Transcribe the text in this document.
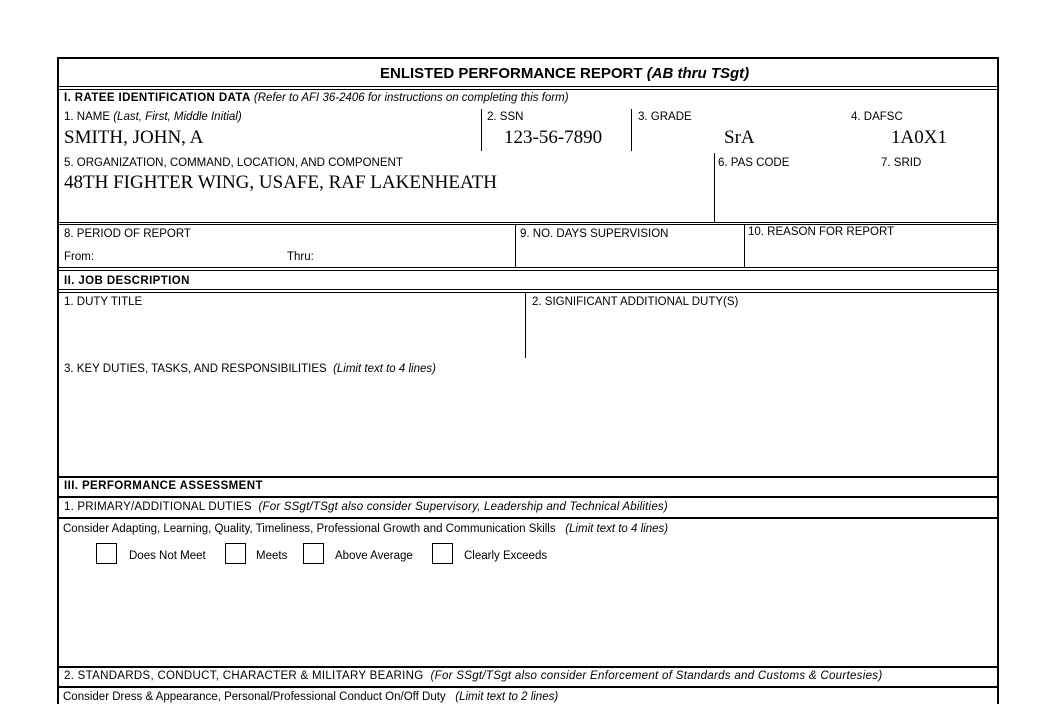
ENLISTED PERFORMANCE REPORT (AB thru TSgt)
I. RATEE IDENTIFICATION DATA (Refer to AFI 36-2406 for instructions on completing this form)
1. NAME (Last, First, Middle Initial)
SMITH, JOHN, A
2. SSN
123-56-7890
3. GRADE
SrA
4. DAFSC
1A0X1
5. ORGANIZATION, COMMAND, LOCATION, AND COMPONENT
48TH FIGHTER WING, USAFE, RAF LAKENHEATH
6. PAS CODE	7. SRID
8. PERIOD OF REPORT
From:	Thru:
9. NO. DAYS SUPERVISION	10. REASON FOR REPORT
II. JOB DESCRIPTION
1. DUTY TITLE	2. SIGNIFICANT ADDITIONAL DUTY(S)
3. KEY DUTIES, TASKS, AND RESPONSIBILITIES (Limit text to 4 lines)
III. PERFORMANCE ASSESSMENT
1. PRIMARY/ADDITIONAL DUTIES (For SSgt/TSgt also consider Supervisory, Leadership and Technical Abilities)
Consider Adapting, Learning, Quality, Timeliness, Professional Growth and Communication Skills (Limit text to 4 lines)
Does Not Meet	Meets	Above Average	Clearly Exceeds
2. STANDARDS, CONDUCT, CHARACTER & MILITARY BEARING (For SSgt/TSgt also consider Enforcement of Standards and Customs & Courtesies)
Consider Dress & Appearance, Personal/Professional Conduct On/Off Duty (Limit text to 2 lines)
